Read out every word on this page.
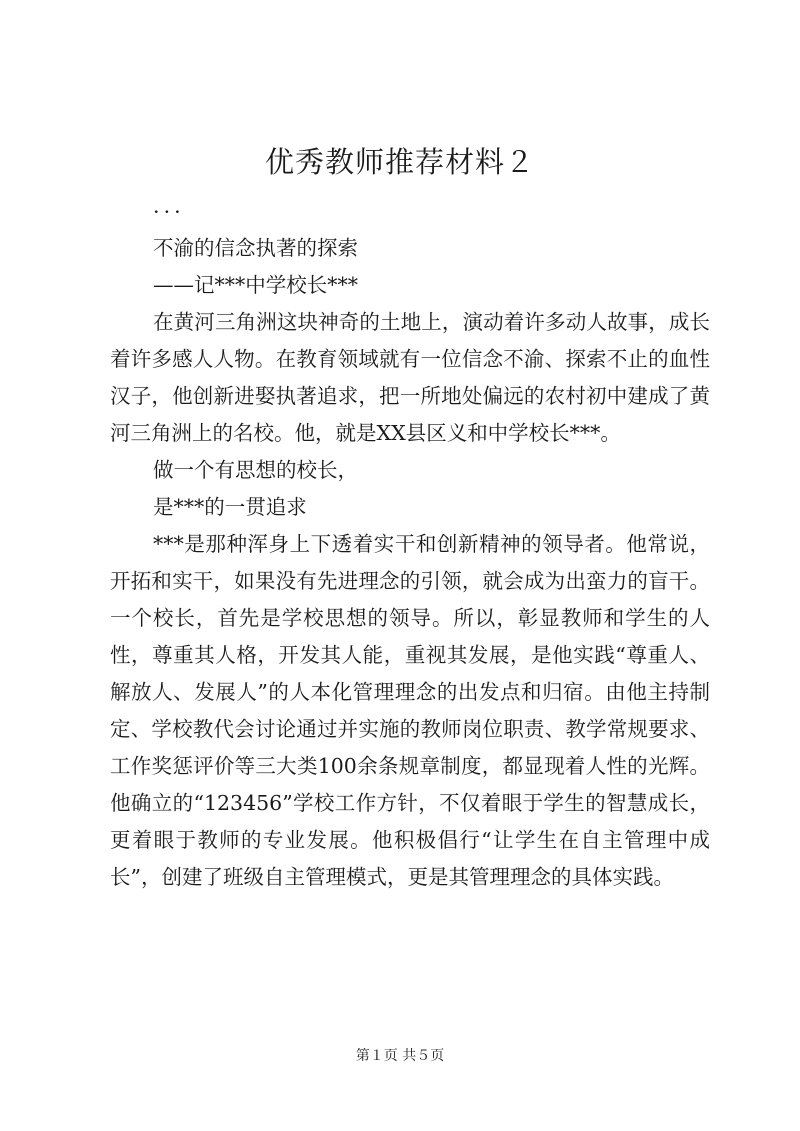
优秀教师推荐材料２

···

不渝的信念执著的探索

——记***中学校长***

在黄河三角洲这块神奇的土地上，演动着许多动人故事，成长着许多感人人物。在教育领域就有一位信念不渝、探索不止的血性汉子，他创新进娶执著追求，把一所地处偏远的农村初中建成了黄河三角洲上的名校。他，就是XX县区义和中学校长***。

做一个有思想的校长，

是***的一贯追求

***是那种浑身上下透着实干和创新精神的领导者。他常说，开拓和实干，如果没有先进理念的引领，就会成为出蛮力的盲干。一个校长，首先是学校思想的领导。所以，彰显教师和学生的人性，尊重其人格，开发其人能，重视其发展，是他实践“尊重人、解放人、发展人”的人本化管理理念的出发点和归宿。由他主持制定、学校教代会讨论通过并实施的教师岗位职责、教学常规要求、工作奖惩评价等三大类100余条规章制度，都显现着人性的光辉。他确立的“123456”学校工作方针，不仅着眼于学生的智慧成长，更着眼于教师的专业发展。他积极倡行“让学生在自主管理中成长”，创建了班级自主管理模式，更是其管理理念的具体实践。

第１页 共５页
